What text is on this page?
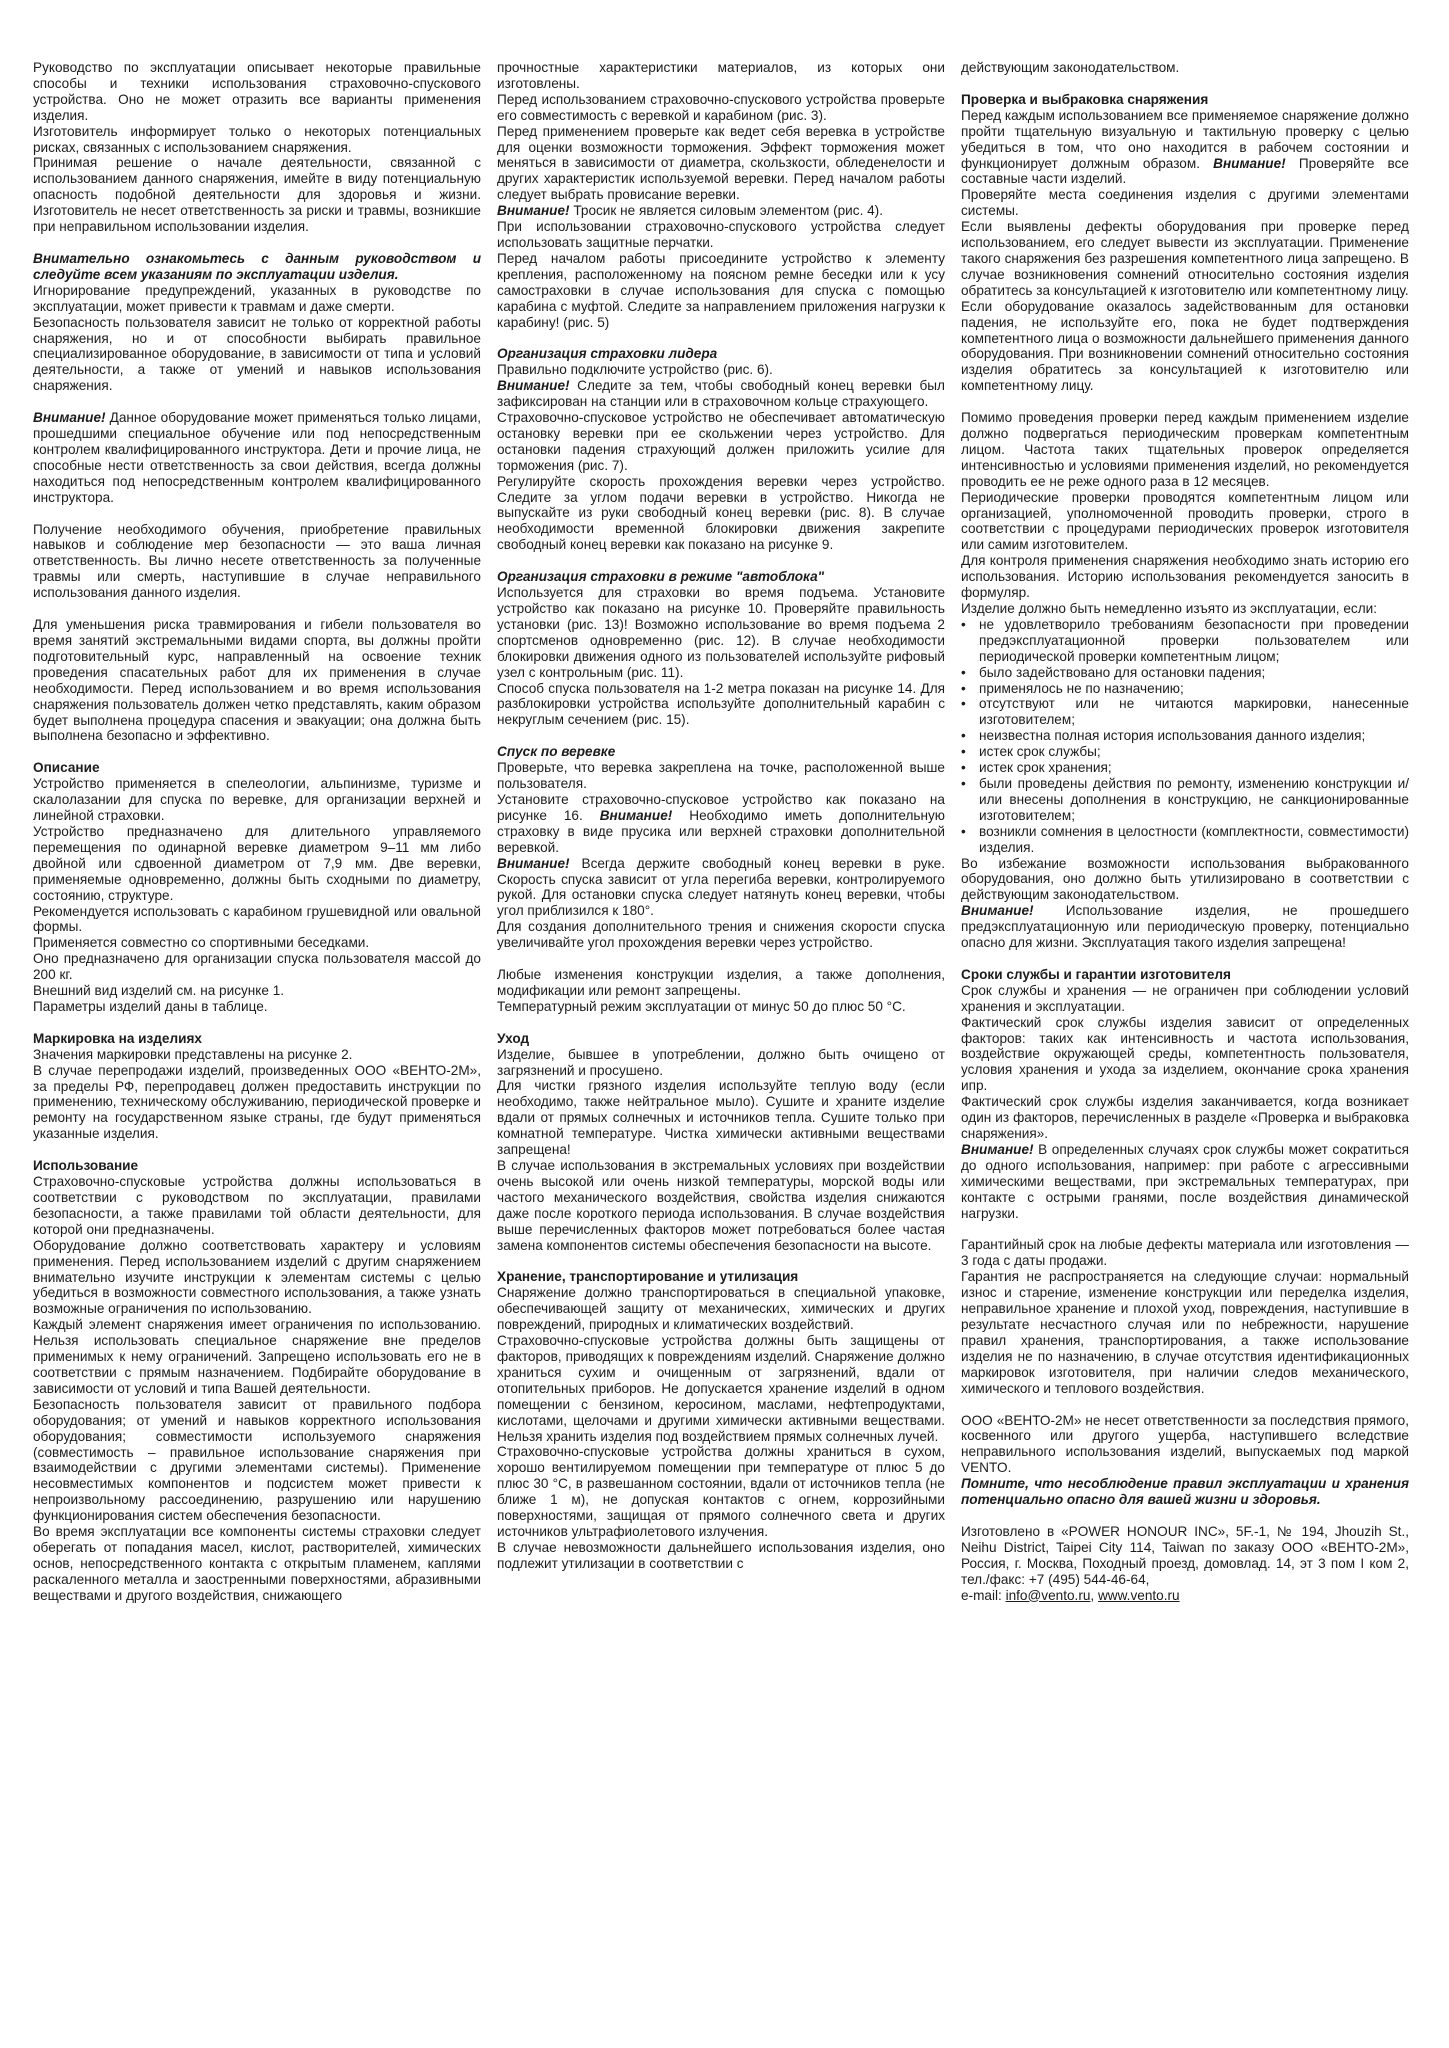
Руководство по эксплуатации описывает некоторые правильные способы и техники использования страховочно-спускового устройства. Оно не может отразить все варианты применения изделия.

Изготовитель информирует только о некоторых потенциальных рисках, связанных с использованием снаряжения.

Принимая решение о начале деятельности, связанной с использованием данного снаряжения, имейте в виду потенциальную опасность подобной деятельности для здоровья и жизни. Изготовитель не несет ответственность за риски и травмы, возникшие при неправильном использовании изделия.

Внимательно ознакомьтесь с данным руководством и следуйте всем указаниям по эксплуатации изделия.

Игнорирование предупреждений, указанных в руководстве по эксплуатации, может привести к травмам и даже смерти.

Безопасность пользователя зависит не только от корректной работы снаряжения, но и от способности выбирать правильное специализированное оборудование, в зависимости от типа и условий деятельности, а также от умений и навыков использования снаряжения.

Внимание! Данное оборудование может применяться только лицами, прошедшими специальное обучение или под непосредственным контролем квалифицированного инструктора. Дети и прочие лица, не способные нести ответственность за свои действия, всегда должны находиться под непосредственным контролем квалифицированного инструктора.

Получение необходимого обучения, приобретение правильных навыков и соблюдение мер безопасности — это ваша личная ответственность. Вы лично несете ответственность за полученные травмы или смерть, наступившие в случае неправильного использования данного изделия.

Для уменьшения риска травмирования и гибели пользователя во время занятий экстремальными видами спорта, вы должны пройти подготовительный курс, направленный на освоение техник проведения спасательных работ для их применения в случае необходимости. Перед использованием и во время использования снаряжения пользователь должен четко представлять, каким образом будет выполнена процедура спасения и эвакуации; она должна быть выполнена безопасно и эффективно.

Описание

Устройство применяется в спелеологии, альпинизме, туризме и скалолазании для спуска по веревке, для организации верхней и линейной страховки.

Устройство предназначено для длительного управляемого перемещения по одинарной веревке диаметром 9–11 мм либо двойной или сдвоенной диаметром от 7,9 мм. Две веревки, применяемые одновременно, должны быть сходными по диаметру, состоянию, структуре.

Рекомендуется использовать с карабином грушевидной или овальной формы.

Применяется совместно со спортивными беседками.

Оно предназначено для организации спуска пользователя массой до 200 кг.

Внешний вид изделий см. на рисунке 1.

Параметры изделий даны в таблице.

Маркировка на изделиях

Значения маркировки представлены на рисунке 2.

В случае перепродажи изделий, произведенных ООО «ВЕНТО-2М», за пределы РФ, перепродавец должен предоставить инструкции по применению, техническому обслуживанию, периодической проверке и ремонту на государственном языке страны, где будут применяться указанные изделия.

Использование

Страховочно-спусковые устройства должны использоваться в соответствии с руководством по эксплуатации, правилами безопасности, а также правилами той области деятельности, для которой они предназначены.

Оборудование должно соответствовать характеру и условиям применения. Перед использованием изделий с другим снаряжением внимательно изучите инструкции к элементам системы с целью убедиться в возможности совместного использования, а также узнать возможные ограничения по использованию.

Каждый элемент снаряжения имеет ограничения по использованию. Нельзя использовать специальное снаряжение вне пределов применимых к нему ограничений. Запрещено использовать его не в соответствии с прямым назначением. Подбирайте оборудование в зависимости от условий и типа Вашей деятельности.

Безопасность пользователя зависит от правильного подбора оборудования; от умений и навыков корректного использования оборудования; совместимости используемого снаряжения (совместимость – правильное использование снаряжения при взаимодействии с другими элементами системы). Применение несовместимых компонентов и подсистем может привести к непроизвольному рассоединению, разрушению или нарушению функционирования систем обеспечения безопасности.

Во время эксплуатации все компоненты системы страховки следует оберегать от попадания масел, кислот, растворителей, химических основ, непосредственного контакта с открытым пламенем, каплями раскаленного металла и заостренными поверхностями, абразивными веществами и другого воздействия, снижающего

прочностные характеристики материалов, из которых они изготовлены.

Перед использованием страховочно-спускового устройства проверьте его совместимость с веревкой и карабином (рис. 3).

Перед применением проверьте как ведет себя веревка в устройстве для оценки возможности торможения. Эффект торможения может меняться в зависимости от диаметра, скользкости, обледенелости и других характеристик используемой веревки. Перед началом работы следует выбрать провисание веревки.

Внимание! Тросик не является силовым элементом (рис. 4).

При использовании страховочно-спускового устройства следует использовать защитные перчатки.

Перед началом работы присоедините устройство к элементу крепления, расположенному на поясном ремне беседки или к усу самостраховки в случае использования для спуска с помощью карабина с муфтой. Следите за направлением приложения нагрузки к карабину! (рис. 5)

Организация страховки лидера

Правильно подключите устройство (рис. 6).

Внимание! Следите за тем, чтобы свободный конец веревки был зафиксирован на станции или в страховочном кольце страхующего.

Страховочно-спусковое устройство не обеспечивает автоматическую остановку веревки при ее скольжении через устройство. Для остановки падения страхующий должен приложить усилие для торможения (рис. 7).

Регулируйте скорость прохождения веревки через устройство. Следите за углом подачи веревки в устройство. Никогда не выпускайте из руки свободный конец веревки (рис. 8). В случае необходимости временной блокировки движения закрепите свободный конец веревки как показано на рисунке 9.

Организация страховки в режиме "автоблока"

Используется для страховки во время подъема. Установите устройство как показано на рисунке 10. Проверяйте правильность установки (рис. 13)! Возможно использование во время подъема 2 спортсменов одновременно (рис. 12). В случае необходимости блокировки движения одного из пользователей используйте рифовый узел с контрольным (рис. 11).

Способ спуска пользователя на 1-2 метра показан на рисунке 14. Для разблокировки устройства используйте дополнительный карабин с некруглым сечением (рис. 15).

Спуск по веревке

Проверьте, что веревка закреплена на точке, расположенной выше пользователя.

Установите страховочно-спусковое устройство как показано на рисунке 16. Внимание! Необходимо иметь дополнительную страховку в виде прусика или верхней страховки дополнительной веревкой.

Внимание! Всегда держите свободный конец веревки в руке. Скорость спуска зависит от угла перегиба веревки, контролируемого рукой. Для остановки спуска следует натянуть конец веревки, чтобы угол приблизился к 180°.

Для создания дополнительного трения и снижения скорости спуска увеличивайте угол прохождения веревки через устройство.

Любые изменения конструкции изделия, а также дополнения, модификации или ремонт запрещены.

Температурный режим эксплуатации от минус 50 до плюс 50 °С.

Уход

Изделие, бывшее в употреблении, должно быть очищено от загрязнений и просушено.

Для чистки грязного изделия используйте теплую воду (если необходимо, также нейтральное мыло). Сушите и храните изделие вдали от прямых солнечных и источников тепла. Сушите только при комнатной температуре. Чистка химически активными веществами запрещена!

В случае использования в экстремальных условиях при воздействии очень высокой или очень низкой температуры, морской воды или частого механического воздействия, свойства изделия снижаются даже после короткого периода использования. В случае воздействия выше перечисленных факторов может потребоваться более частая замена компонентов системы обеспечения безопасности на высоте.

Хранение, транспортирование и утилизация

Снаряжение должно транспортироваться в специальной упаковке, обеспечивающей защиту от механических, химических и других повреждений, природных и климатических воздействий.

Страховочно-спусковые устройства должны быть защищены от факторов, приводящих к повреждениям изделий. Снаряжение должно храниться сухим и очищенным от загрязнений, вдали от отопительных приборов. Не допускается хранение изделий в одном помещении с бензином, керосином, маслами, нефтепродуктами, кислотами, щелочами и другими химически активными веществами. Нельзя хранить изделия под воздействием прямых солнечных лучей.

Страховочно-спусковые устройства должны храниться в сухом, хорошо вентилируемом помещении при температуре от плюс 5 до плюс 30 °С, в развешанном состоянии, вдали от источников тепла (не ближе 1 м), не допуская контактов с огнем, коррозийными поверхностями, защищая от прямого солнечного света и других источников ультрафиолетового излучения.

В случае невозможности дальнейшего использования изделия, оно подлежит утилизации в соответствии с

действующим законодательством.

Проверка и выбраковка снаряжения

Перед каждым использованием все применяемое снаряжение должно пройти тщательную визуальную и тактильную проверку с целью убедиться в том, что оно находится в рабочем состоянии и функционирует должным образом. Внимание! Проверяйте все составные части изделий.

Проверяйте места соединения изделия с другими элементами системы.

Если выявлены дефекты оборудования при проверке перед использованием, его следует вывести из эксплуатации. Применение такого снаряжения без разрешения компетентного лица запрещено. В случае возникновения сомнений относительно состояния изделия обратитесь за консультацией к изготовителю или компетентному лицу.

Если оборудование оказалось задействованным для остановки падения, не используйте его, пока не будет подтверждения компетентного лица о возможности дальнейшего применения данного оборудования. При возникновении сомнений относительно состояния изделия обратитесь за консультацией к изготовителю или компетентному лицу.

Помимо проведения проверки перед каждым применением изделие должно подвергаться периодическим проверкам компетентным лицом. Частота таких тщательных проверок определяется интенсивностью и условиями применения изделий, но рекомендуется проводить ее не реже одного раза в 12 месяцев.

Периодические проверки проводятся компетентным лицом или организацией, уполномоченной проводить проверки, строго в соответствии с процедурами периодических проверок изготовителя или самим изготовителем.

Для контроля применения снаряжения необходимо знать историю его использования. Историю использования рекомендуется заносить в формуляр.

Изделие должно быть немедленно изъято из эксплуатации, если:

• не удовлетворило требованиям безопасности при проведении предэксплуатационной проверки пользователем или периодической проверки компетентным лицом;
• было задействовано для остановки падения;
• применялось не по назначению;
• отсутствуют или не читаются маркировки, нанесенные изготовителем;
• неизвестна полная история использования данного изделия;
• истек срок службы;
• истек срок хранения;
• были проведены действия по ремонту, изменению конструкции и/или внесены дополнения в конструкцию, не санкционированные изготовителем;
• возникли сомнения в целостности (комплектности, совместимости) изделия.

Во избежание возможности использования выбракованного оборудования, оно должно быть утилизировано в соответствии с действующим законодательством.

Внимание! Использование изделия, не прошедшего предэксплуатационную или периодическую проверку, потенциально опасно для жизни. Эксплуатация такого изделия запрещена!

Сроки службы и гарантии изготовителя

Срок службы и хранения — не ограничен при соблюдении условий хранения и эксплуатации.

Фактический срок службы изделия зависит от определенных факторов: таких как интенсивность и частота использования, воздействие окружающей среды, компетентность пользователя, условия хранения и ухода за изделием, окончание срока хранения ипр.

Фактический срок службы изделия заканчивается, когда возникает один из факторов, перечисленных в разделе «Проверка и выбраковка снаряжения».

Внимание! В определенных случаях срок службы может сократиться до одного использования, например: при работе с агрессивными химическими веществами, при экстремальных температурах, при контакте с острыми гранями, после воздействия динамической нагрузки.

Гарантийный срок на любые дефекты материала или изготовления — 3 года с даты продажи.

Гарантия не распространяется на следующие случаи: нормальный износ и старение, изменение конструкции или переделка изделия, неправильное хранение и плохой уход, повреждения, наступившие в результате несчастного случая или по небрежности, нарушение правил хранения, транспортирования, а также использование изделия не по назначению, в случае отсутствия идентификационных маркировок изготовителя, при наличии следов механического, химического и теплового воздействия.

ООО «ВЕНТО-2М» не несет ответственности за последствия прямого, косвенного или другого ущерба, наступившего вследствие неправильного использования изделий, выпускаемых под маркой VENTO.

Помните, что несоблюдение правил эксплуатации и хранения потенциально опасно для вашей жизни и здоровья.

Изготовлено в «POWER HONOUR INC», 5F.-1, № 194, Jhouzih St., Neihu District, Taipei City 114, Taiwan по заказу ООО «ВЕНТО-2М», Россия, г. Москва, Походный проезд, домовлад. 14, эт 3 пом I ком 2, тел./факс: +7 (495) 544-46-64,

e-mail: info@vento.ru, www.vento.ru
